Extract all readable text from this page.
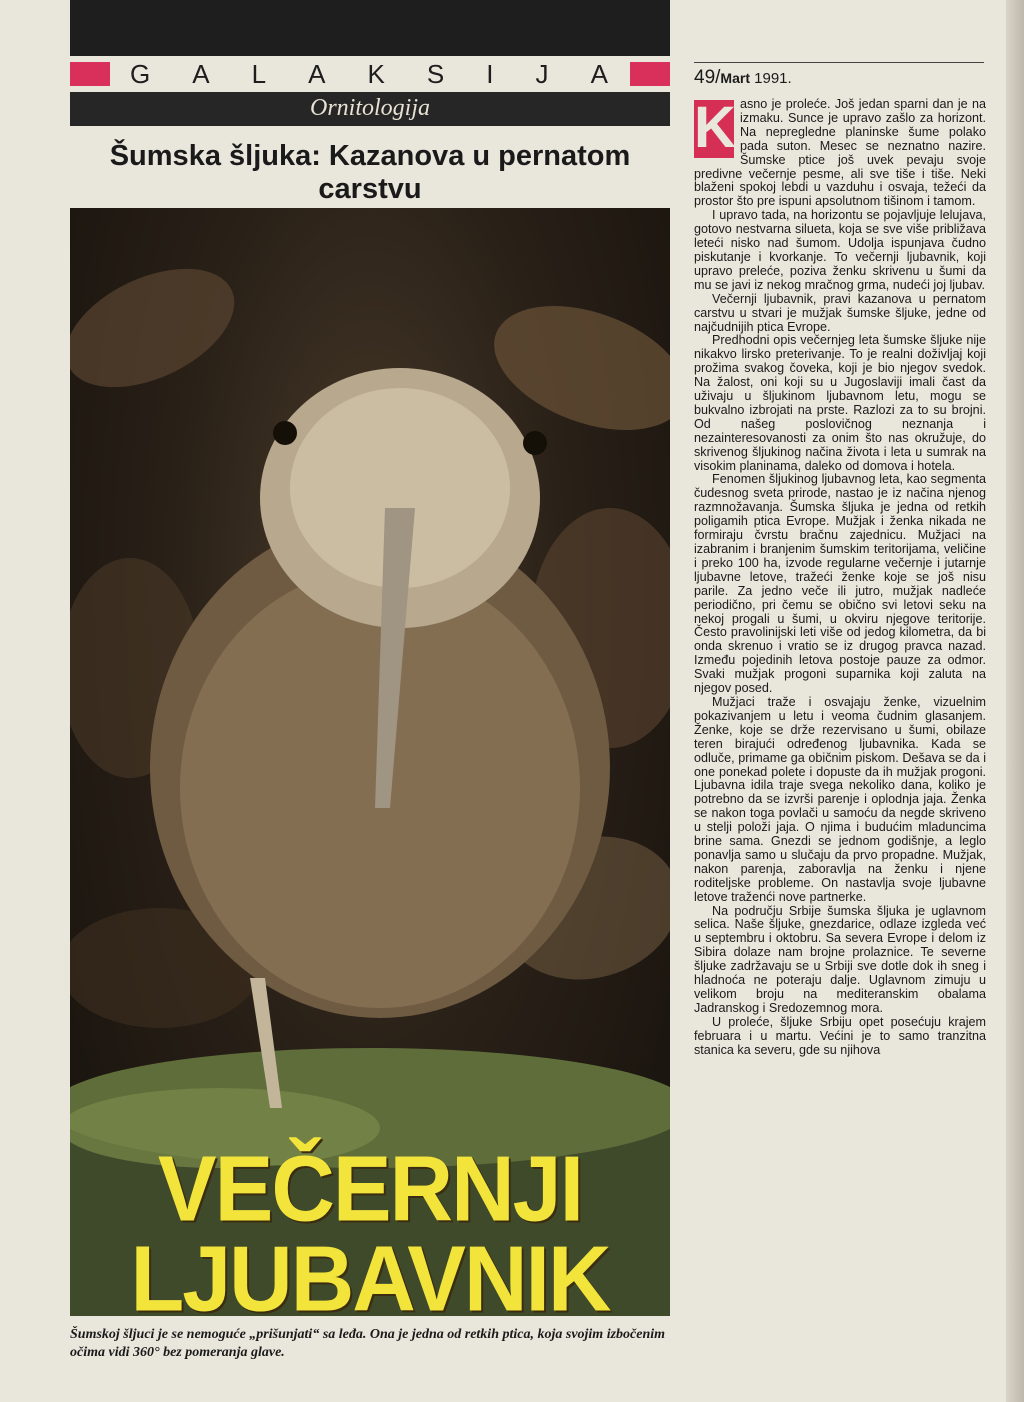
G A L A K S I J A
Ornitologija
Šumska šljuka: Kazanova u pernatom carstvu
VEČERNJI
LJUBAVNIK
Šumskoj šljuci je se nemoguće „prišunjati“ sa leđa. Ona je jedna od retkih ptica, koja svojim izbočenim očima vidi 360° bez pomeranja glave.
49/Mart 1991.

K asno je proleće. Još jedan sparni dan je na izmaku. Sunce je upravo zašlo za horizont. Na nepregledne planinske šume polako pada suton. Mesec se neznatno nazire. Šumske ptice još uvek pevaju svoje predivne večernje pesme, ali sve tiše i tiše. Neki blaženi spokoj lebdi u vazduhu i osvaja, težeći da prostor što pre ispuni apsolutnom tišinom i tamom.

I upravo tada, na horizontu se pojavljuje lelujava, gotovo nestvarna silueta, koja se sve više približava leteći nisko nad šumom. Udolja ispunjava čudno piskutanje i kvorkanje. To večernji ljubavnik, koji upravo preleće, poziva ženku skrivenu u šumi da mu se javi iz nekog mračnog grma, nudeći joj ljubav.

Večernji ljubavnik, pravi kazanova u pernatom carstvu u stvari je mužjak šumske šljuke, jedne od najčudnijih ptica Evrope.

Predhodni opis večernjeg leta šumske šljuke nije nikakvo lirsko preterivanje. To je realni doživljaj koji prožima svakog čoveka, koji je bio njegov svedok. Na žalost, oni koji su u Jugoslaviji imali čast da uživaju u šljukinom ljubavnom letu, mogu se bukvalno izbrojati na prste. Razlozi za to su brojni. Od našeg poslovičnog neznanja i nezainteresovanosti za onim što nas okružuje, do skrivenog šljukinog načina života i leta u sumrak na visokim planinama, daleko od domova i hotela.

Fenomen šljukinog ljubavnog leta, kao segmenta čudesnog sveta prirode, nastao je iz načina njenog razmnožavanja. Šumska šljuka je jedna od retkih poligamih ptica Evrope. Mužjak i ženka nikada ne formiraju čvrstu bračnu zajednicu. Mužjaci na izabranim i branjenim šumskim teritorijama, veličine i preko 100 ha, izvode regularne večernje i jutarnje ljubavne letove, tražeći ženke koje se još nisu parile. Za jedno veče ili jutro, mužjak nadleće periodično, pri čemu se obično svi letovi seku na nekoj progali u šumi, u okviru njegove teritorije. Često pravolinijski leti više od jedog kilometra, da bi onda skrenuo i vratio se iz drugog pravca nazad. Između pojedinih letova postoje pauze za odmor. Svaki mužjak progoni suparnika koji zaluta na njegov posed.

Mužjaci traže i osvajaju ženke, vizuelnim pokazivanjem u letu i veoma čudnim glasanjem. Ženke, koje se drže rezervisano u šumi, obilaze teren birajući određenog ljubavnika. Kada se odluče, primame ga običnim piskom. Dešava se da i one ponekad polete i dopuste da ih mužjak progoni. Ljubavna idila traje svega nekoliko dana, koliko je potrebno da se izvrši parenje i oplodnja jaja. Ženka se nakon toga povlači u samoću da negde skriveno u stelji položi jaja. O njima i budućim mladuncima brine sama. Gnezdi se jednom godišnje, a leglo ponavlja samo u slučaju da prvo propadne. Mužjak, nakon parenja, zaboravlja na ženku i njene roditeljske probleme. On nastavlja svoje ljubavne letove traženći nove partnerke.

Na području Srbije šumska šljuka je uglavnom selica. Naše šljuke, gnezdarice, odlaze izgleda već u septembru i oktobru. Sa severa Evrope i delom iz Sibira dolaze nam brojne prolaznice. Te severne šljuke zadržavaju se u Srbiji sve dotle dok ih sneg i hladnoća ne poteraju dalje. Uglavnom zimuju u velikom broju na mediteranskim obalama Jadranskog i Sredozemnog mora.

U proleće, šljuke Srbiju opet posećuju krajem februara i u martu. Većini je to samo tranzitna stanica ka severu, gde su njihova
